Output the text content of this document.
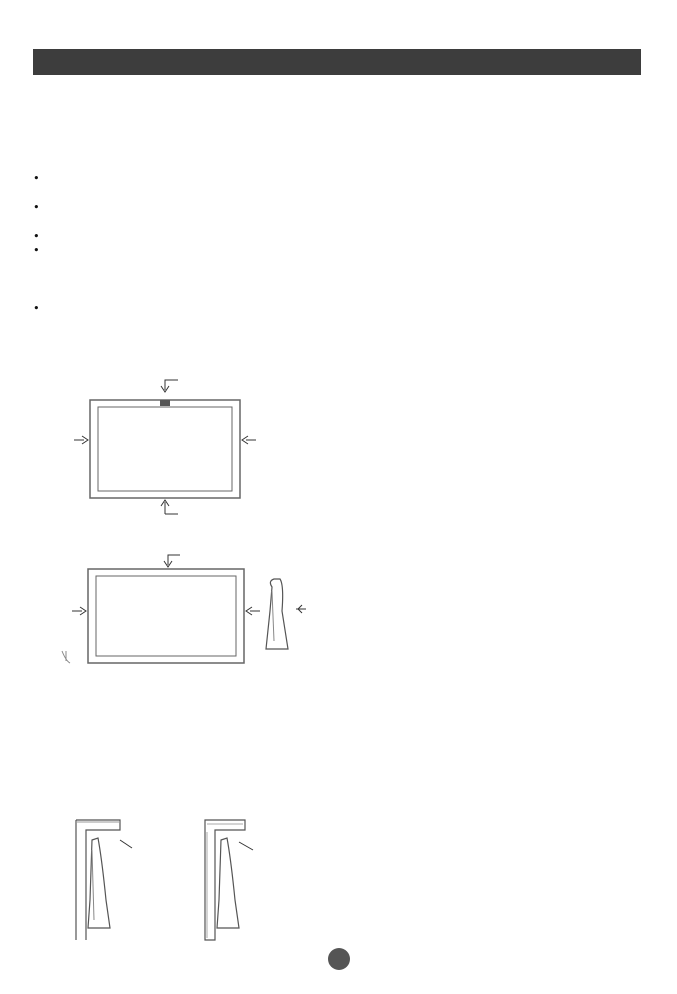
•
•
•
•
•
